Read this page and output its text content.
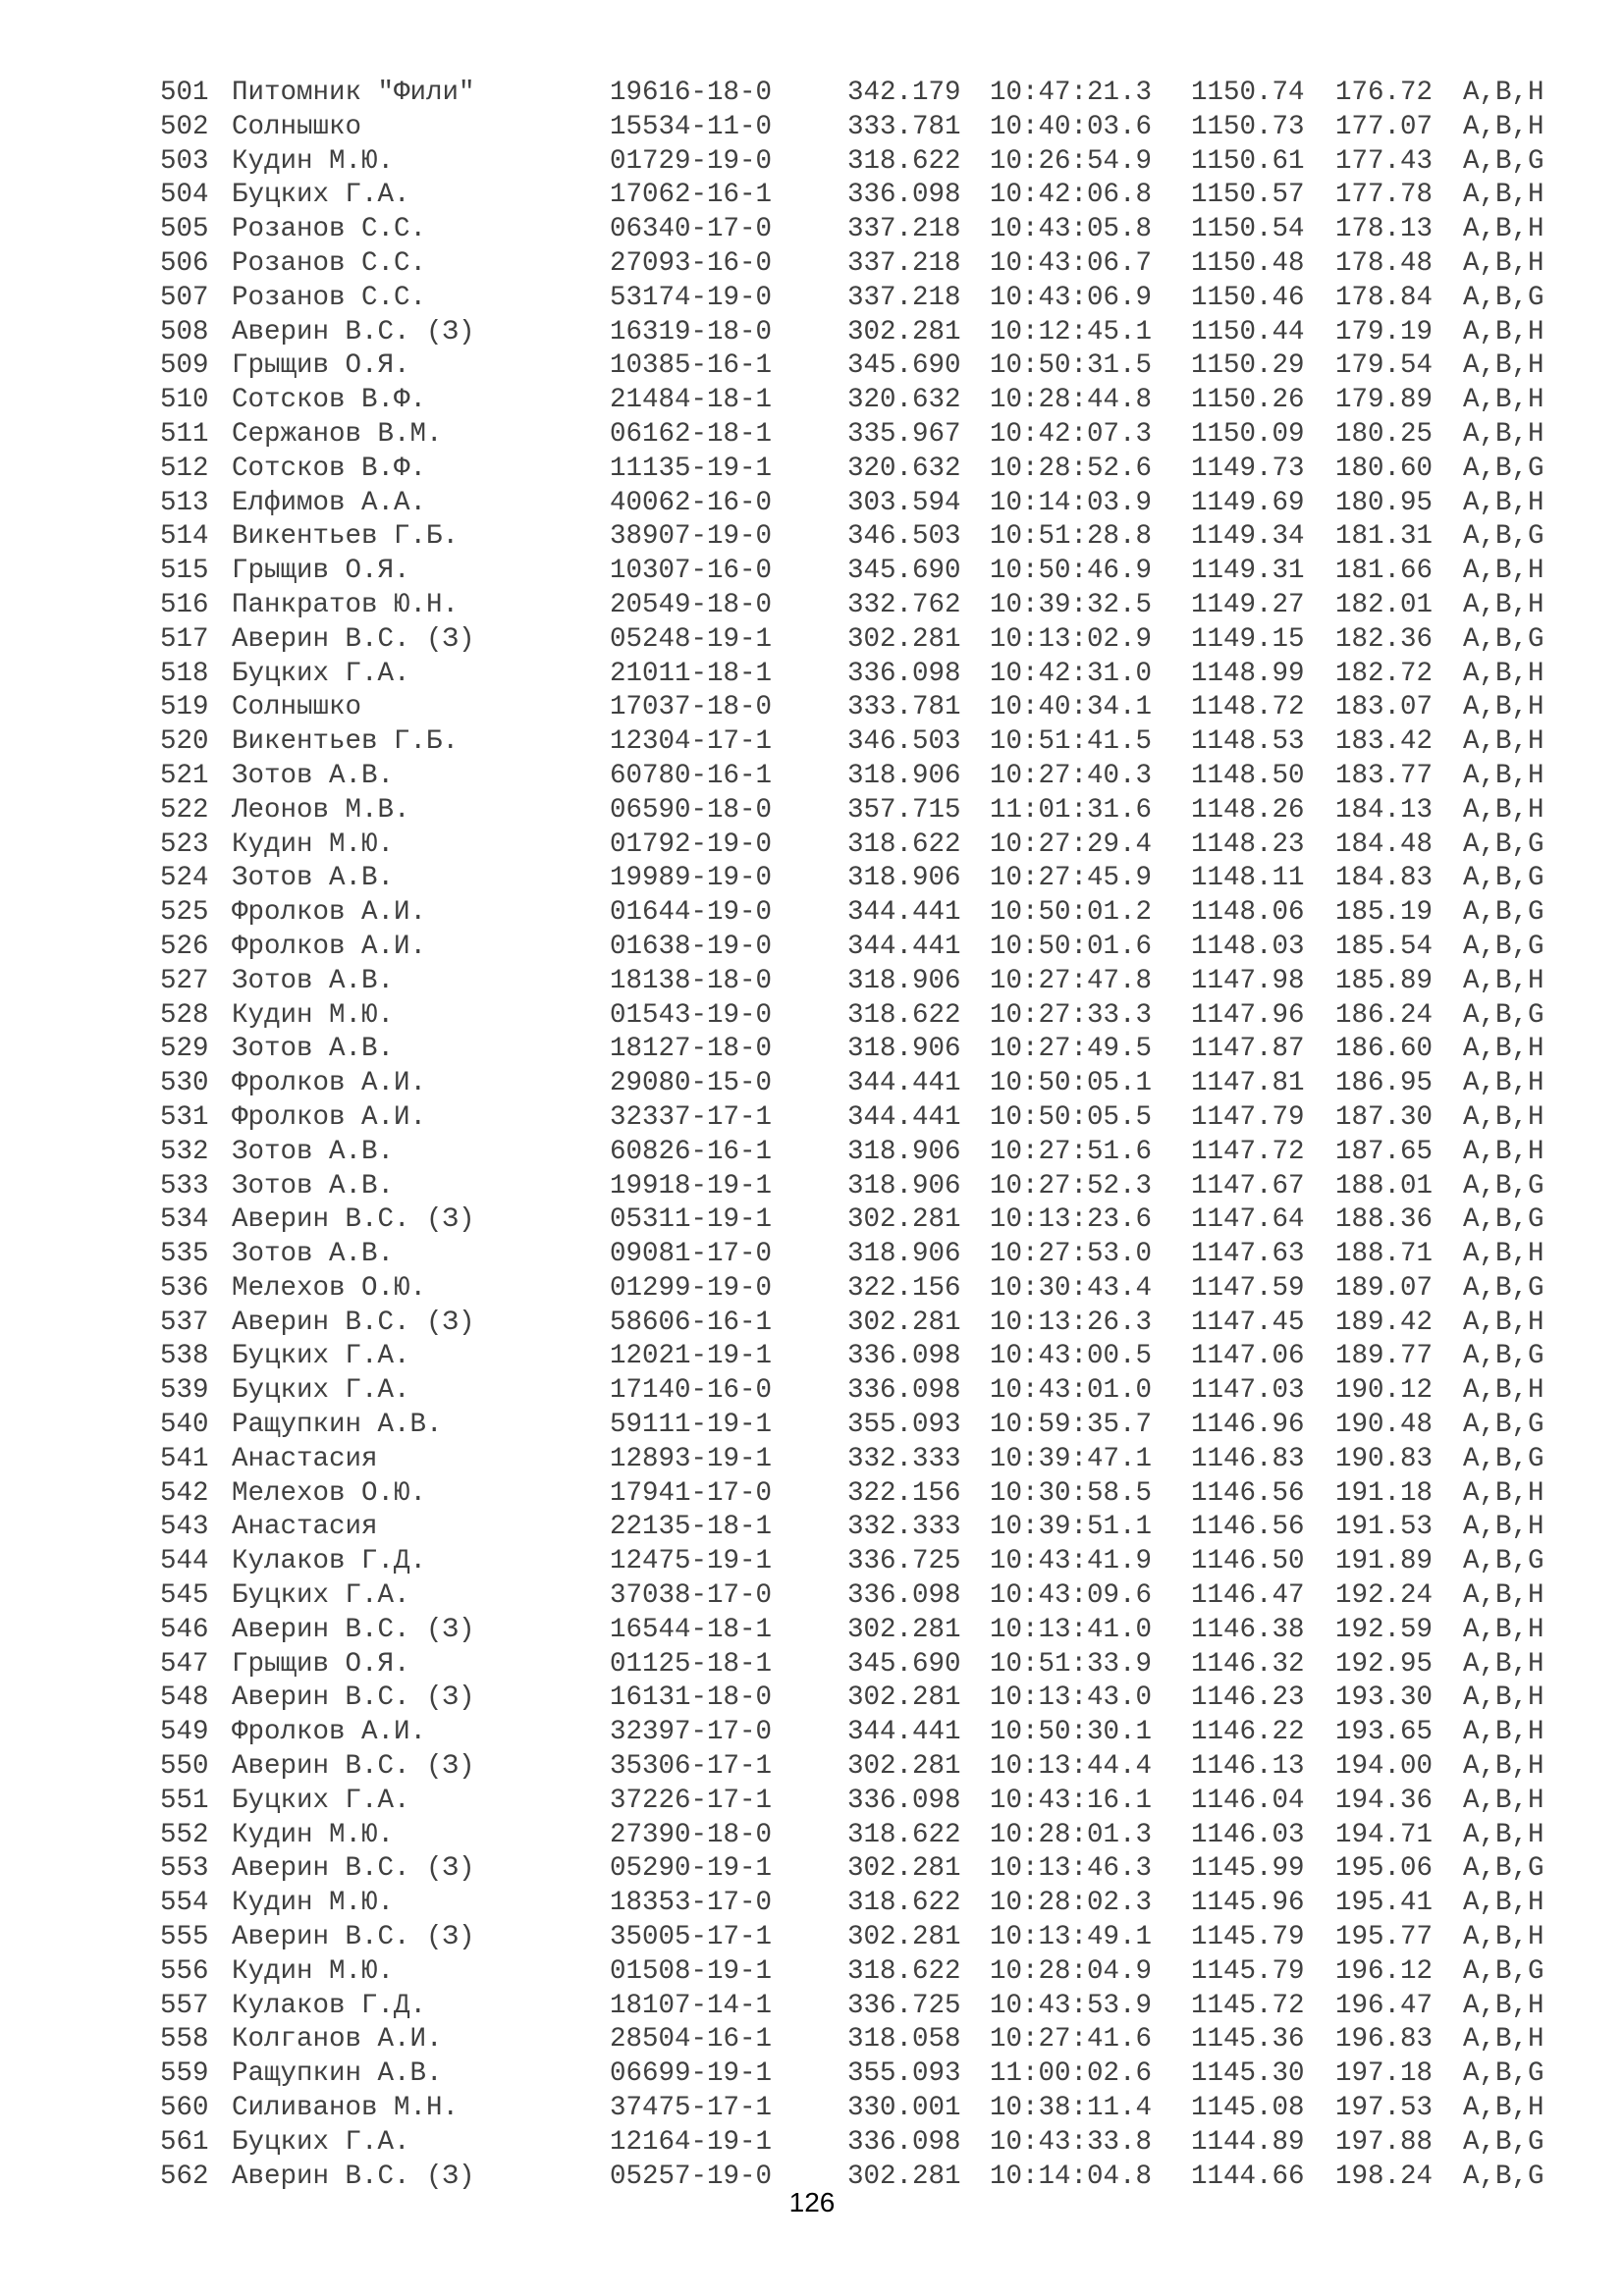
501 Питомник "Фили"	19616-18-0	342.179 10:47:21.3 1150.74 176.72 A,B,H
502 Солнышко	15534-11-0	333.781 10:40:03.6 1150.73 177.07 A,B,H
503 Кудин М.Ю.	01729-19-0	318.622 10:26:54.9 1150.61 177.43 A,B,G
504 Буцких Г.А.	17062-16-1	336.098 10:42:06.8 1150.57 177.78 A,B,H
505 Розанов С.С.	06340-17-0	337.218 10:43:05.8 1150.54 178.13 A,B,H
506 Розанов С.С.	27093-16-0	337.218 10:43:06.7 1150.48 178.48 A,B,H
507 Розанов С.С.	53174-19-0	337.218 10:43:06.9 1150.46 178.84 A,B,G
508 Аверин В.С. (З)	16319-18-0	302.281 10:12:45.1 1150.44 179.19 A,B,H
509 Грыщив О.Я.	10385-16-1	345.690 10:50:31.5 1150.29 179.54 A,B,H
510 Сотсков В.Ф.	21484-18-1	320.632 10:28:44.8 1150.26 179.89 A,B,H
511 Сержанов В.М.	06162-18-1	335.967 10:42:07.3 1150.09 180.25 A,B,H
512 Сотсков В.Ф.	11135-19-1	320.632 10:28:52.6 1149.73 180.60 A,B,G
513 Елфимов А.А.	40062-16-0	303.594 10:14:03.9 1149.69 180.95 A,B,H
514 Викентьев Г.Б.	38907-19-0	346.503 10:51:28.8 1149.34 181.31 A,B,G
515 Грыщив О.Я.	10307-16-0	345.690 10:50:46.9 1149.31 181.66 A,B,H
516 Панкратов Ю.Н.	20549-18-0	332.762 10:39:32.5 1149.27 182.01 A,B,H
517 Аверин В.С. (З)	05248-19-1	302.281 10:13:02.9 1149.15 182.36 A,B,G
518 Буцких Г.А.	21011-18-1	336.098 10:42:31.0 1148.99 182.72 A,B,H
519 Солнышко	17037-18-0	333.781 10:40:34.1 1148.72 183.07 A,B,H
520 Викентьев Г.Б.	12304-17-1	346.503 10:51:41.5 1148.53 183.42 A,B,H
521 Зотов А.В.	60780-16-1	318.906 10:27:40.3 1148.50 183.77 A,B,H
522 Леонов М.В.	06590-18-0	357.715 11:01:31.6 1148.26 184.13 A,B,H
523 Кудин М.Ю.	01792-19-0	318.622 10:27:29.4 1148.23 184.48 A,B,G
524 Зотов А.В.	19989-19-0	318.906 10:27:45.9 1148.11 184.83 A,B,G
525 Фролков А.И.	01644-19-0	344.441 10:50:01.2 1148.06 185.19 A,B,G
526 Фролков А.И.	01638-19-0	344.441 10:50:01.6 1148.03 185.54 A,B,G
527 Зотов А.В.	18138-18-0	318.906 10:27:47.8 1147.98 185.89 A,B,H
528 Кудин М.Ю.	01543-19-0	318.622 10:27:33.3 1147.96 186.24 A,B,G
529 Зотов А.В.	18127-18-0	318.906 10:27:49.5 1147.87 186.60 A,B,H
530 Фролков А.И.	29080-15-0	344.441 10:50:05.1 1147.81 186.95 A,B,H
531 Фролков А.И.	32337-17-1	344.441 10:50:05.5 1147.79 187.30 A,B,H
532 Зотов А.В.	60826-16-1	318.906 10:27:51.6 1147.72 187.65 A,B,H
533 Зотов А.В.	19918-19-1	318.906 10:27:52.3 1147.67 188.01 A,B,G
534 Аверин В.С. (З)	05311-19-1	302.281 10:13:23.6 1147.64 188.36 A,B,G
535 Зотов А.В.	09081-17-0	318.906 10:27:53.0 1147.63 188.71 A,B,H
536 Мелехов О.Ю.	01299-19-0	322.156 10:30:43.4 1147.59 189.07 A,B,G
537 Аверин В.С. (З)	58606-16-1	302.281 10:13:26.3 1147.45 189.42 A,B,H
538 Буцких Г.А.	12021-19-1	336.098 10:43:00.5 1147.06 189.77 A,B,G
539 Буцких Г.А.	17140-16-0	336.098 10:43:01.0 1147.03 190.12 A,B,H
540 Ращупкин А.В.	59111-19-1	355.093 10:59:35.7 1146.96 190.48 A,B,G
541 Анастасия	12893-19-1	332.333 10:39:47.1 1146.83 190.83 A,B,G
542 Мелехов О.Ю.	17941-17-0	322.156 10:30:58.5 1146.56 191.18 A,B,H
543 Анастасия	22135-18-1	332.333 10:39:51.1 1146.56 191.53 A,B,H
544 Кулаков Г.Д.	12475-19-1	336.725 10:43:41.9 1146.50 191.89 A,B,G
545 Буцких Г.А.	37038-17-0	336.098 10:43:09.6 1146.47 192.24 A,B,H
546 Аверин В.С. (З)	16544-18-1	302.281 10:13:41.0 1146.38 192.59 A,B,H
547 Грыщив О.Я.	01125-18-1	345.690 10:51:33.9 1146.32 192.95 A,B,H
548 Аверин В.С. (З)	16131-18-0	302.281 10:13:43.0 1146.23 193.30 A,B,H
549 Фролков А.И.	32397-17-0	344.441 10:50:30.1 1146.22 193.65 A,B,H
550 Аверин В.С. (З)	35306-17-1	302.281 10:13:44.4 1146.13 194.00 A,B,H
551 Буцких Г.А.	37226-17-1	336.098 10:43:16.1 1146.04 194.36 A,B,H
552 Кудин М.Ю.	27390-18-0	318.622 10:28:01.3 1146.03 194.71 A,B,H
553 Аверин В.С. (З)	05290-19-1	302.281 10:13:46.3 1145.99 195.06 A,B,G
554 Кудин М.Ю.	18353-17-0	318.622 10:28:02.3 1145.96 195.41 A,B,H
555 Аверин В.С. (З)	35005-17-1	302.281 10:13:49.1 1145.79 195.77 A,B,H
556 Кудин М.Ю.	01508-19-1	318.622 10:28:04.9 1145.79 196.12 A,B,G
557 Кулаков Г.Д.	18107-14-1	336.725 10:43:53.9 1145.72 196.47 A,B,H
558 Колганов А.И.	28504-16-1	318.058 10:27:41.6 1145.36 196.83 A,B,H
559 Ращупкин А.В.	06699-19-1	355.093 11:00:02.6 1145.30 197.18 A,B,G
560 Силиванов М.Н.	37475-17-1	330.001 10:38:11.4 1145.08 197.53 A,B,H
561 Буцких Г.А.	12164-19-1	336.098 10:43:33.8 1144.89 197.88 A,B,G
562 Аверин В.С. (З)	05257-19-0	302.281 10:14:04.8 1144.66 198.24 A,B,G
126
